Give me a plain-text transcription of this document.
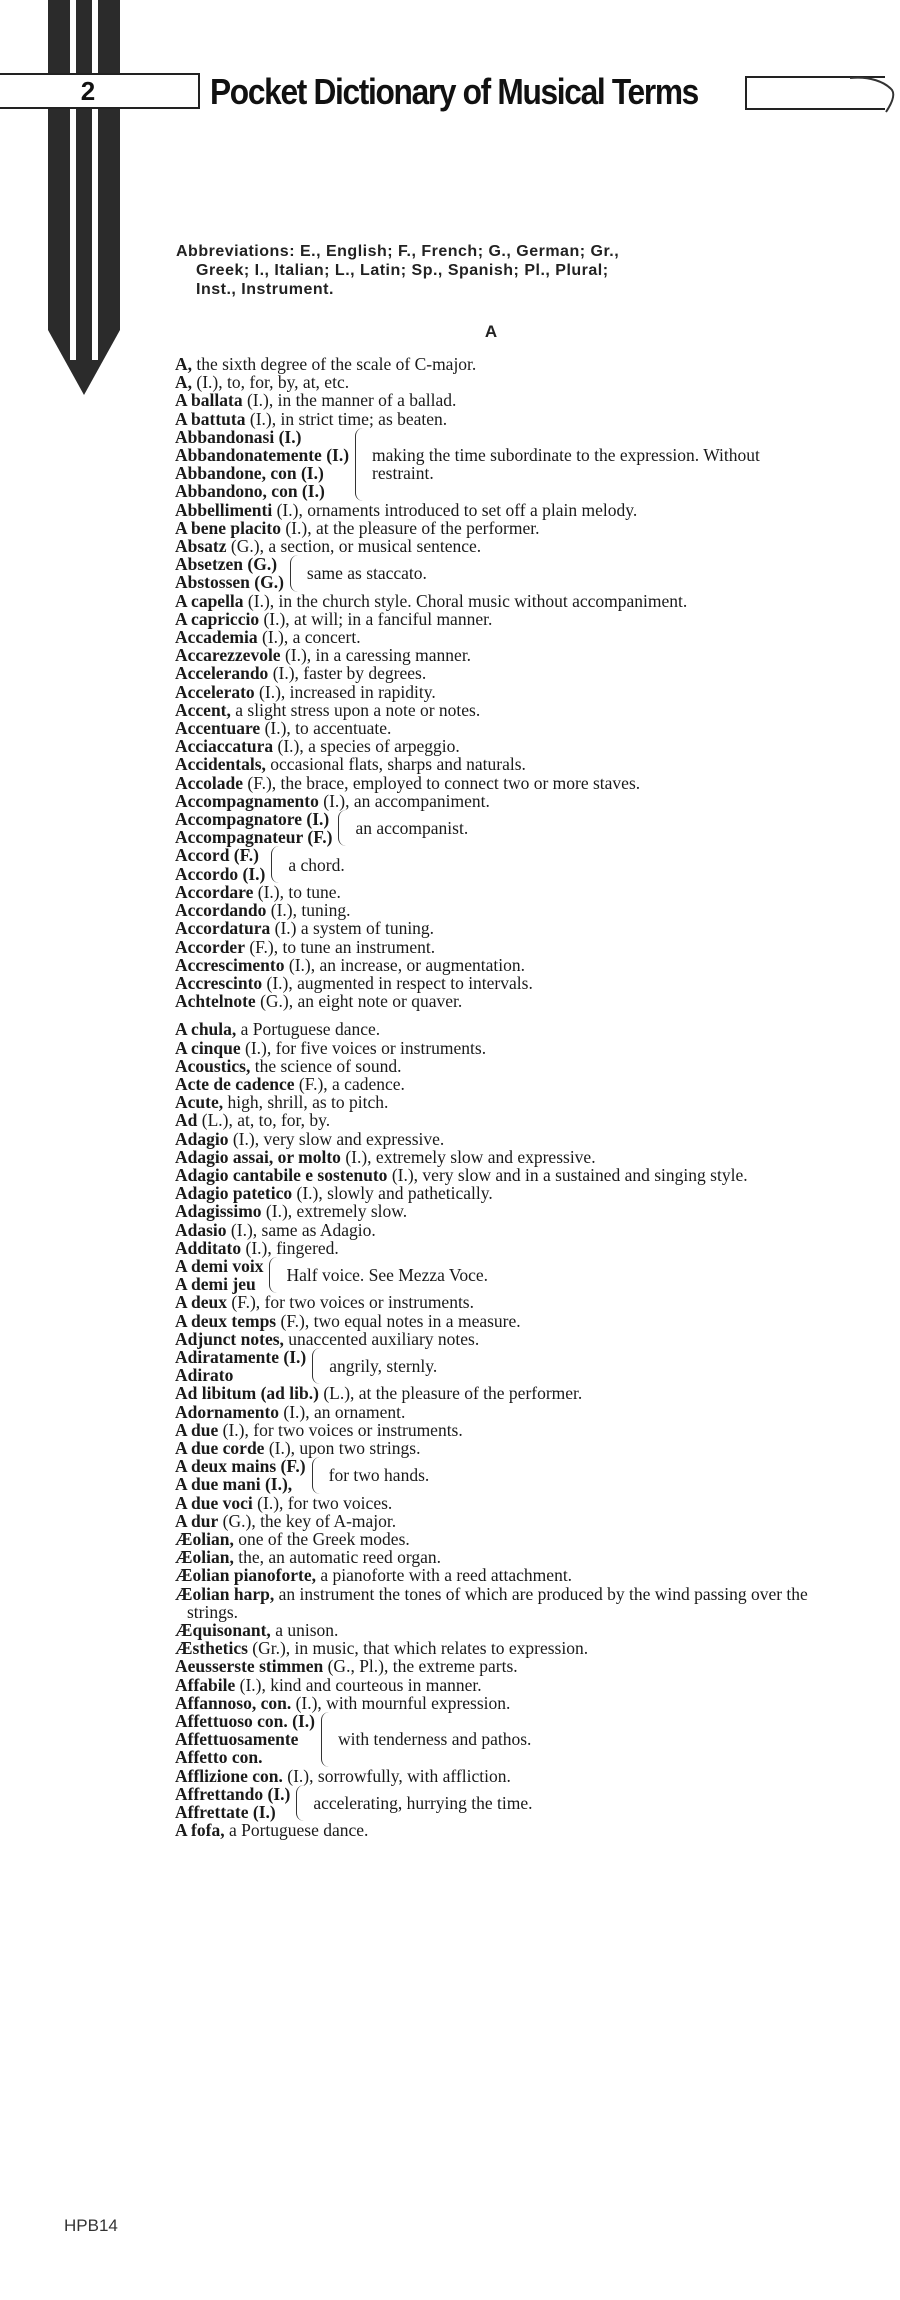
2	Pocket Dictionary of Musical Terms
Abbreviations: E., English; F., French; G., German; Gr.,
Greek; I., Italian; L., Latin; Sp., Spanish; Pl., Plural;
Inst., Instrument.
A

A, the sixth degree of the scale of C-major.

A, (I.), to, for, by, at, etc.

A ballata (I.), in the manner of a ballad.

A battuta (I.), in strict time; as beaten.

Abbandonasi (I.)
Abbandonatemente (I.)
Abbandone, con (I.)
Abbandono, con (I.)
making the time subordinate to the expression. Without restraint.

Abbellimenti (I.), ornaments introduced to set off a plain melody.

A bene placito (I.), at the pleasure of the performer.

Absatz (G.), a section, or musical sentence.

Absetzen (G.)
Abstossen (G.) same as staccato.

A capella (I.), in the church style. Choral music without accompaniment.

A capriccio (I.), at will; in a fanciful manner.

Accademia (I.), a concert.

Accarezzevole (I.), in a caressing manner.

Accelerando (I.), faster by degrees.

Accelerato (I.), increased in rapidity.

Accent, a slight stress upon a note or notes.

Accentuare (I.), to accentuate.

Acciaccatura (I.), a species of arpeggio.

Accidentals, occasional flats, sharps and naturals.

Accolade (F.), the brace, employed to connect two or more staves.

Accompagnamento (I.), an accompaniment.

Accompagnatore (I.)
Accompagnateur (F.) an accompanist.
Accord (F.)
Accordo (I.) a chord.

Accordare (I.), to tune.

Accordando (I.), tuning.

Accordatura (I.) a system of tuning.

Accorder (F.), to tune an instrument.

Accrescimento (I.), an increase, or augmentation.

Accrescinto (I.), augmented in respect to intervals.

Achtelnote (G.), an eight note or quaver.

A chula, a Portuguese dance.

A cinque (I.), for five voices or instruments.

Acoustics, the science of sound.

Acte de cadence (F.), a cadence.

Acute, high, shrill, as to pitch.

Ad (L.), at, to, for, by.

Adagio (I.), very slow and expressive.

Adagio assai, or molto (I.), extremely slow and expressive.

Adagio cantabile e sostenuto (I.), very slow and in a sustained and singing style.

Adagio patetico (I.), slowly and pathetically.

Adagissimo (I.), extremely slow.

Adasio (I.), same as Adagio.

Additato (I.), fingered.

A demi voix
A demi jeu	Half voice. See Mezza Voce.

A deux (F.), for two voices or instruments.

A deux temps (F.), two equal notes in a measure.

Adjunct notes, unaccented auxiliary notes.

Adiratamente (I.)
Adirato	angrily, sternly.

Ad libitum (ad lib.) (L.), at the pleasure of the performer.

Adornamento (I.), an ornament.

A due (I.), for two voices or instruments.

A due corde (I.), upon two strings.

A deux mains (F.)
A due mani (I.),	for two hands.

A due voci (I.), for two voices.

A dur (G.), the key of A-major.

Æolian, one of the Greek modes.

Æolian, the, an automatic reed organ.

Æolian pianoforte, a pianoforte with a reed attachment.

Æolian harp, an instrument the tones of which are produced by the wind passing over the strings.

Æquisonant, a unison.

Æsthetics (Gr.), in music, that which relates to expression.

Aeusserste stimmen (G., Pl.), the extreme parts.

Affabile (I.), kind and courteous in manner.

Affannoso, con. (I.), with mournful expression.

Affettuoso con. (I.)
Affettuosamente
Affetto con.
with tenderness and pathos.

Afflizione con. (I.), sorrowfully, with affliction.

Affrettando (I.)
Affrettate (I.)	accelerating, hurrying the time.

A fofa, a Portuguese dance.

HPB14
